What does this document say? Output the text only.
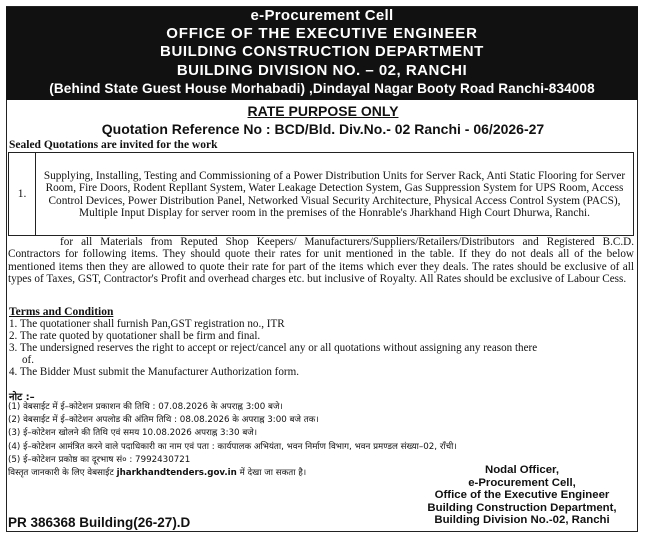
e-Procurement Cell
OFFICE OF THE EXECUTIVE ENGINEER
BUILDING CONSTRUCTION DEPARTMENT
BUILDING DIVISION NO. – 02, RANCHI
(Behind State Guest House Morhabadi) ,Dindayal Nagar Booty Road Ranchi-834008
RATE PURPOSE ONLY
Quotation Reference No : BCD/Bld. Div.No.- 02 Ranchi - 06/2026-27
Sealed Quotations are invited for the work
1.	Supplying, Installing, Testing and Commissioning of a Power Distribution Units for Server Rack, Anti Static Flooring for Server Room, Fire Doors, Rodent Repllant System, Water Leakage Detection System, Gas Suppression System for UPS Room, Access Control Devices, Power Distribution Panel, Networked Visual Security Architecture, Physical Access Control System (PACS), Multiple Input Display for server room in the premises of the Honrable's Jharkhand High Court Dhurwa, Ranchi.
for all Materials from Reputed Shop Keepers/ Manufacturers/Suppliers/Retailers/Distributors and Registered B.C.D. Contractors for following items. They should quote their rates for unit mentioned in the table. If they do not deals all of the below mentioned items then they are allowed to quote their rate for part of the items which ever they deals. The rates should be exclusive of all types of Taxes, GST, Contractor's Profit and overhead charges etc. but inclusive of Royalty. All Rates should be exclusive of Labour Cess.
Terms and Condition
1. The quotationer shall furnish Pan,GST registration no., ITR
2. The rate quoted by quotationer shall be firm and final.
3. The undersigned reserves the right to accept or reject/cancel any or all quotations without assigning any reason there
of.
4. The Bidder Must submit the Manufacturer Authorization form.
नोट :–
(1) वेबसाईट में ई–कोटेशन प्रकाशन की तिथि : 07.08.2026 के अपराह्न 3:00 बजे।
(2) वेबसाईट में ई–कोटेशन अपलोड की अंतिम तिथि : 08.08.2026 के अपराह्न 3:00 बजे तक।
(3) ई–कोटेशन खोलने की तिथि एवं समय 10.08.2026 अपराह्न 3:30 बजे।
(4) ई–कोटेशन आमंत्रित करने वाले पदाधिकारी का नाम एवं पता : कार्यपालक अभियंता, भवन निर्माण विभाग, भवन प्रमण्डल संख्या–02, राँची।
(5) ई–कोटेशन प्रकोष्ठ का दूरभाष सं० : 7992430721
विस्तृत जानकारी के लिए वेबसाईट jharkhandtenders.gov.in में देखा जा सकता है।	Nodal Officer,
e-Procurement Cell,
Office of the Executive Engineer
Building Construction Department,
Building Division No.-02, Ranchi
PR 386368 Building(26-27).D
